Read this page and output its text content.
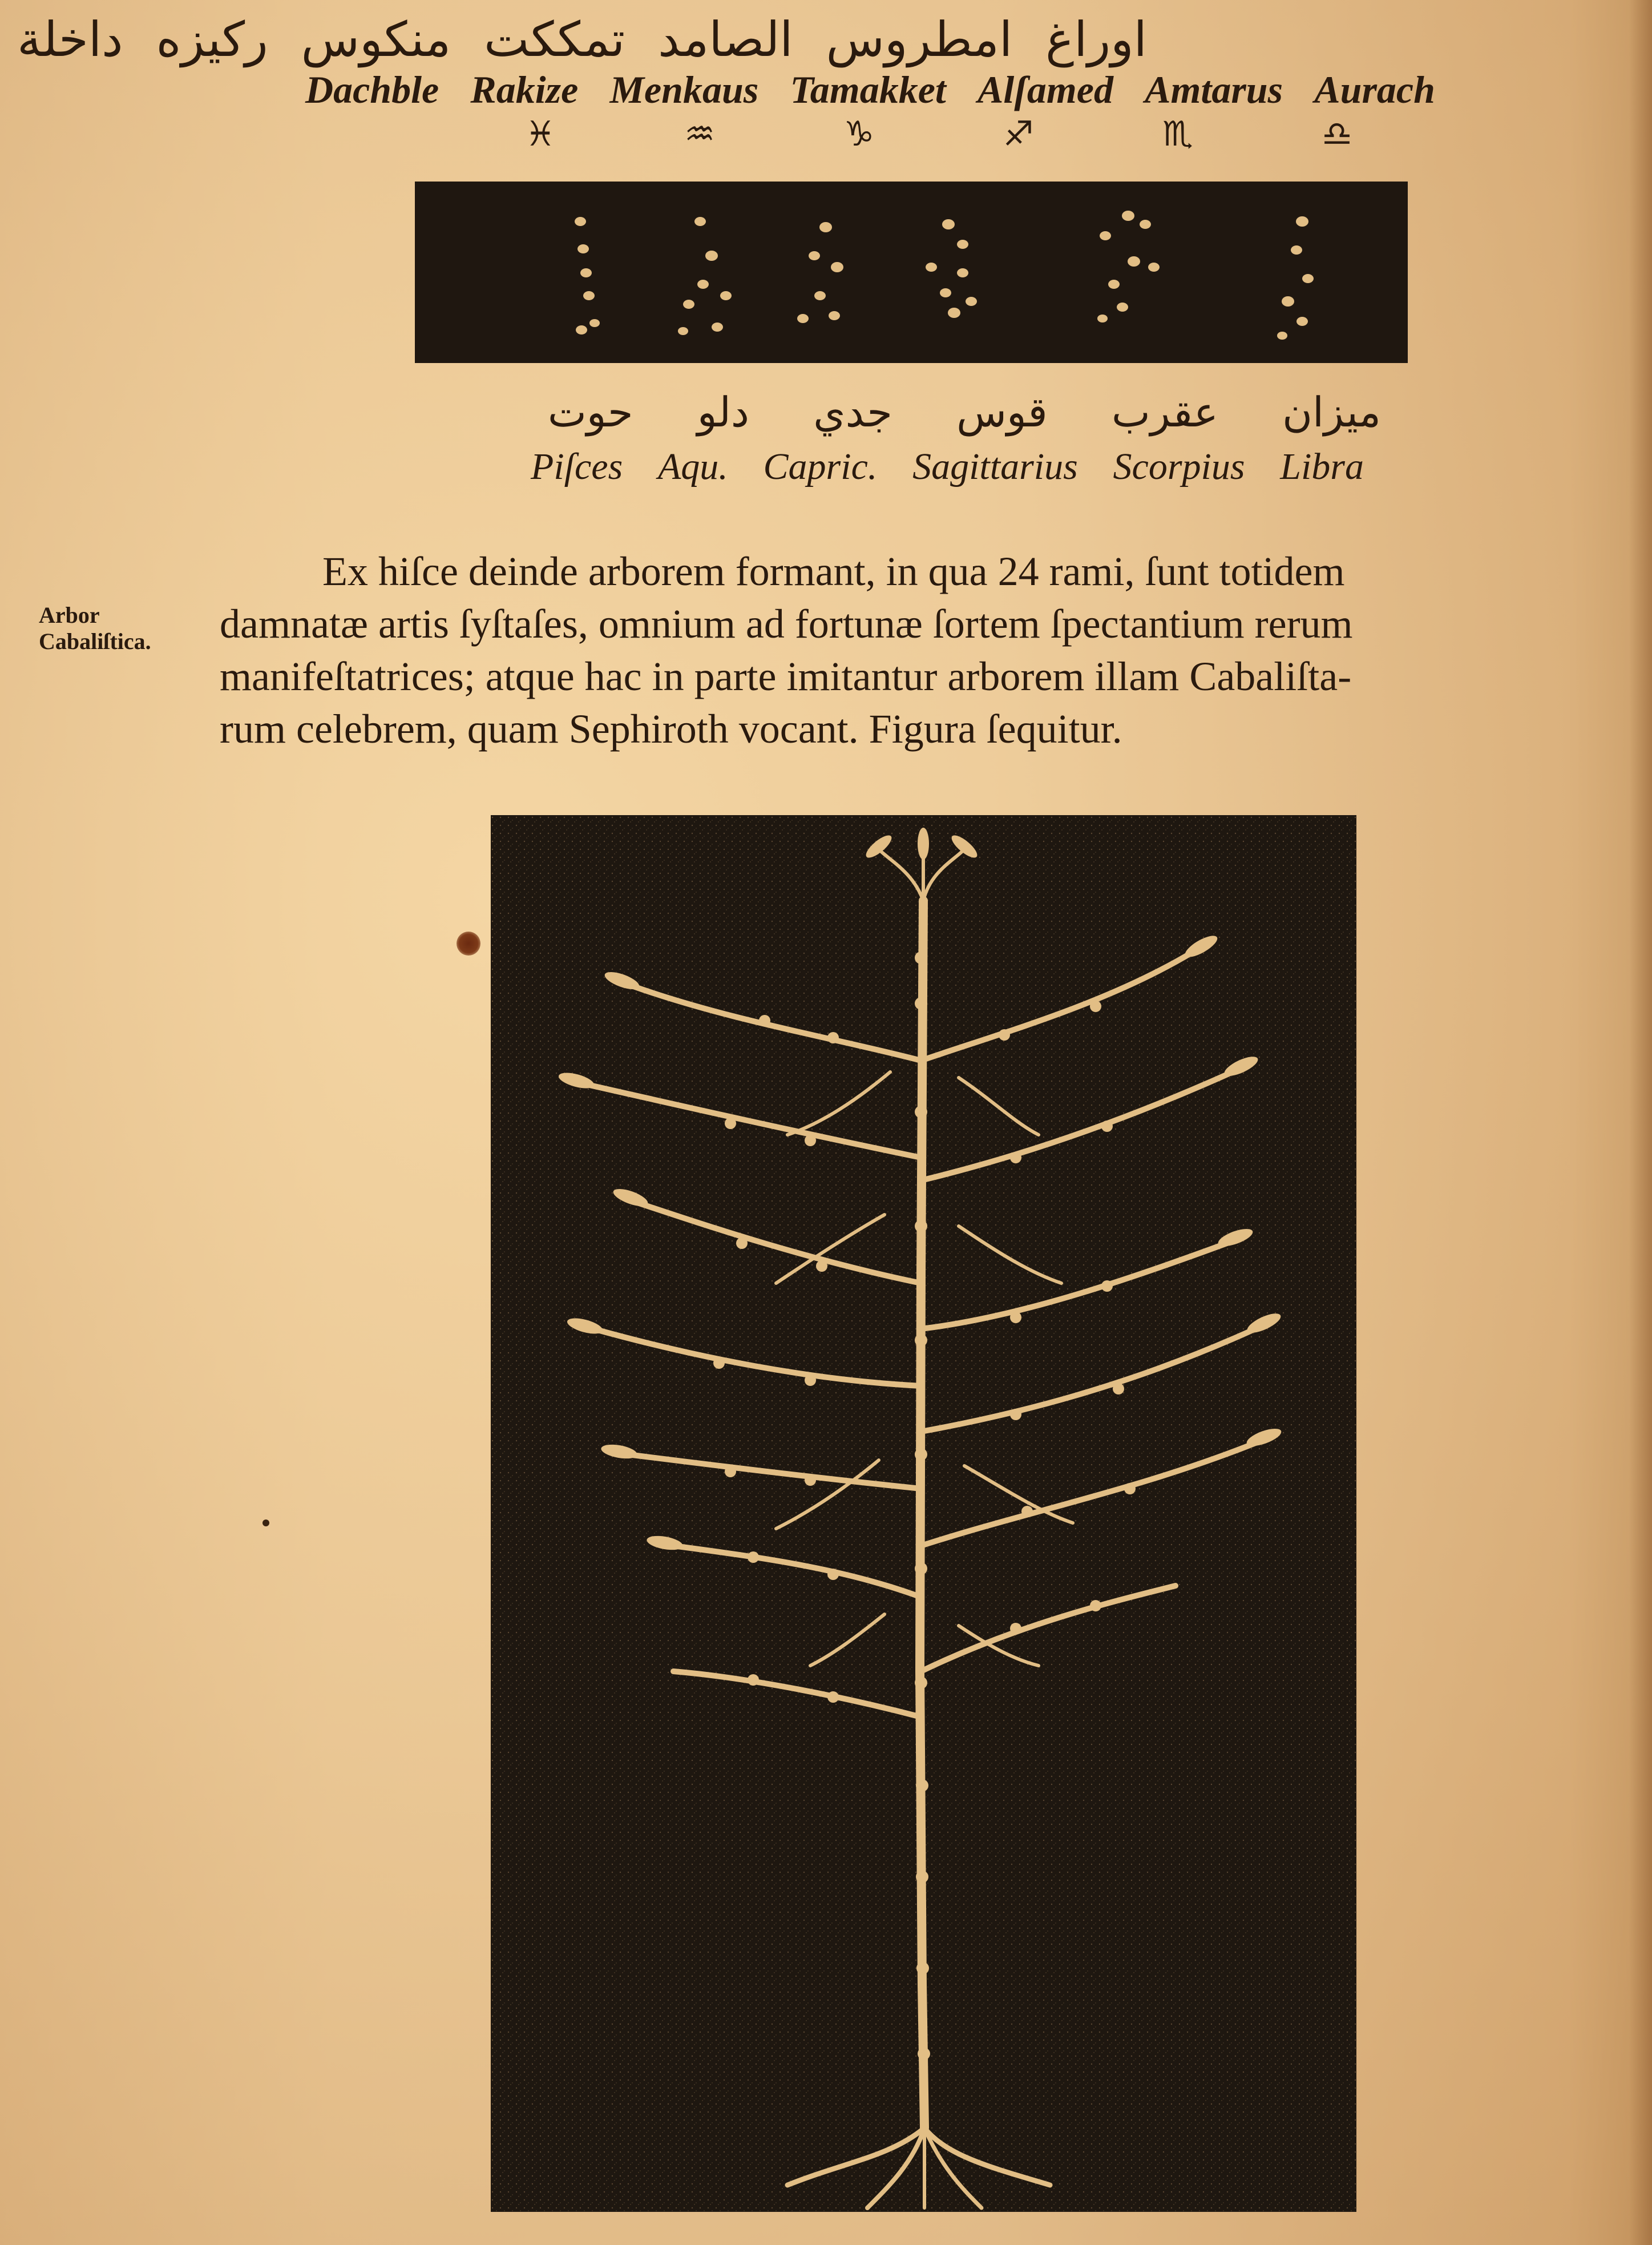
اوراغ
امطروس
الصامد
تمككت
منكوس
ركيزه
داخلة
Dachble Rakize Menkaus Tamakket Alſamed Amtarus Aurach
♓	♒	♑	♐	♏	♎
ميزان
عقرب
قوس
جدي
دلو
حوت
Piſces Aqu. Capric. Sagittarius Scorpius Libra
Arbor Cabaliſtica.
Ex hiſce deinde arborem formant, in qua 24 rami, ſunt totidem
damnatæ artis ſyſtaſes, omnium ad fortunæ ſortem ſpectantium rerum
manifeſtatrices; atque hac in parte imitantur arborem illam Cabaliſta-
rum celebrem, quam Sephiroth vocant. Figura ſequitur.
